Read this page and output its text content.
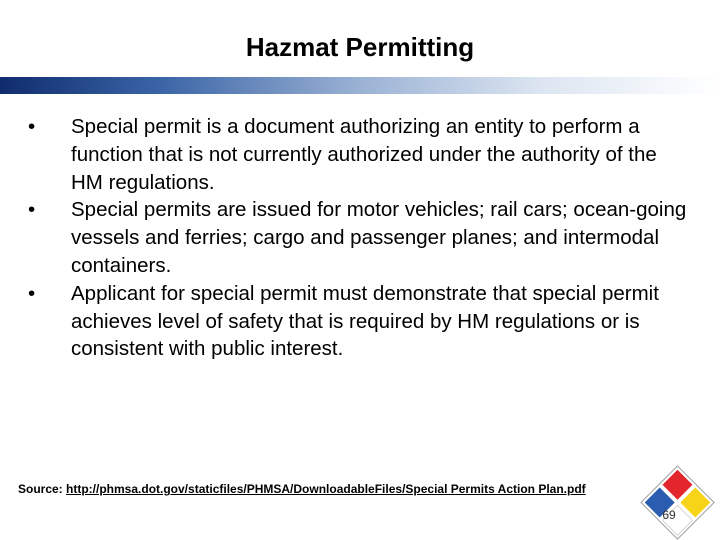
Hazmat Permitting
•	Special permit is a document authorizing an entity to perform a function that is not currently authorized under the authority of the HM regulations.
•	Special permits are issued for motor vehicles; rail cars; ocean-going vessels and ferries; cargo and passenger planes; and intermodal containers.
•	Applicant for special permit must demonstrate that special permit achieves level of safety that is required by HM regulations or is consistent with public interest.
Source: http://phmsa.dot.gov/staticfiles/PHMSA/DownloadableFiles/Special Permits Action Plan.pdf
69
